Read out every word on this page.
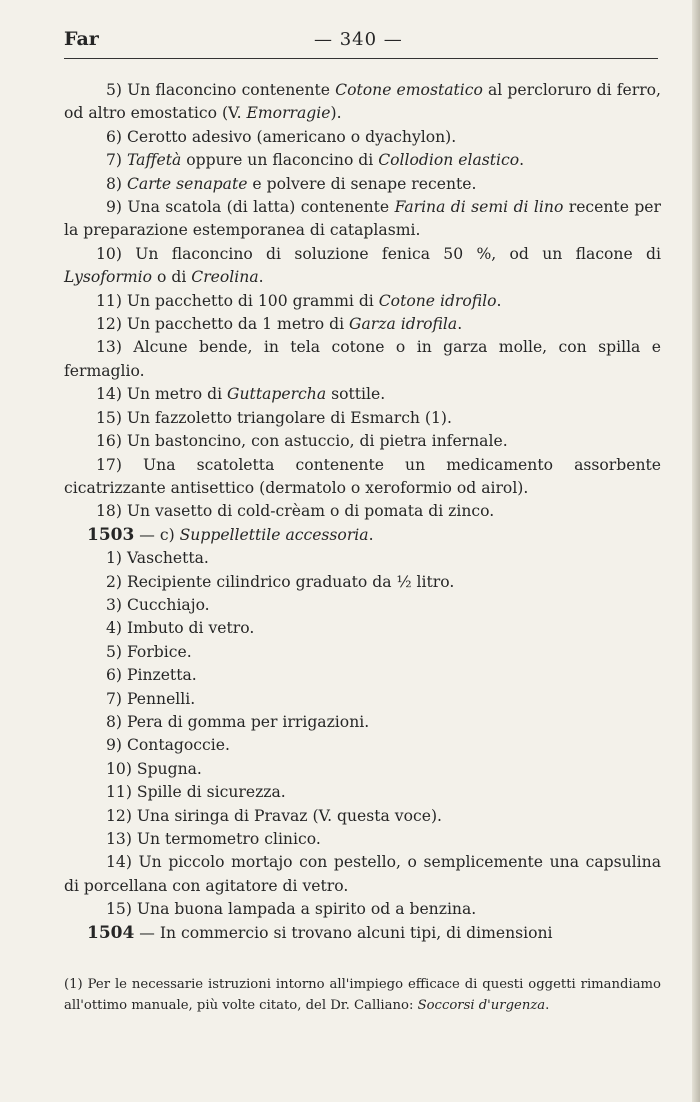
Far	— 340 —
5) Un flaconcino contenente Cotone emostatico al percloruro di ferro, od altro emostatico (V. Emorragie).
6) Cerotto adesivo (americano o dyachylon).
7) Taffetà oppure un flaconcino di Collodion elastico.
8) Carte senapate e polvere di senape recente.
9) Una scatola (di latta) contenente Farina di semi di lino recente per la preparazione estemporanea di cataplasmi.
10) Un flaconcino di soluzione fenica 50 %, od un flacone di Lysoformio o di Creolina.
11) Un pacchetto di 100 grammi di Cotone idrofilo.
12) Un pacchetto da 1 metro di Garza idrofila.
13) Alcune bende, in tela cotone o in garza molle, con spilla e fermaglio.
14) Un metro di Guttapercha sottile.
15) Un fazzoletto triangolare di Esmarch (1).
16) Un bastoncino, con astuccio, di pietra infernale.
17) Una scatoletta contenente un medicamento assorbente cicatrizzante antisettico (dermatolo o xeroformio od airol).
18) Un vasetto di cold-crèam o di pomata di zinco.
1503 — c) Suppellettile accessoria.
1) Vaschetta.
2) Recipiente cilindrico graduato da ½ litro.
3) Cucchiajo.
4) Imbuto di vetro.
5) Forbice.
6) Pinzetta.
7) Pennelli.
8) Pera di gomma per irrigazioni.
9) Contagoccie.
10) Spugna.
11) Spille di sicurezza.
12) Una siringa di Pravaz (V. questa voce).
13) Un termometro clinico.
14) Un piccolo mortajo con pestello, o semplicemente una capsulina di porcellana con agitatore di vetro.
15) Una buona lampada a spirito od a benzina.
1504 — In commercio si trovano alcuni tipi, di dimensioni
(1) Per le necessarie istruzioni intorno all'impiego efficace di questi oggetti rimandiamo all'ottimo manuale, più volte citato, del Dr. Calliano: Soccorsi d'urgenza.
